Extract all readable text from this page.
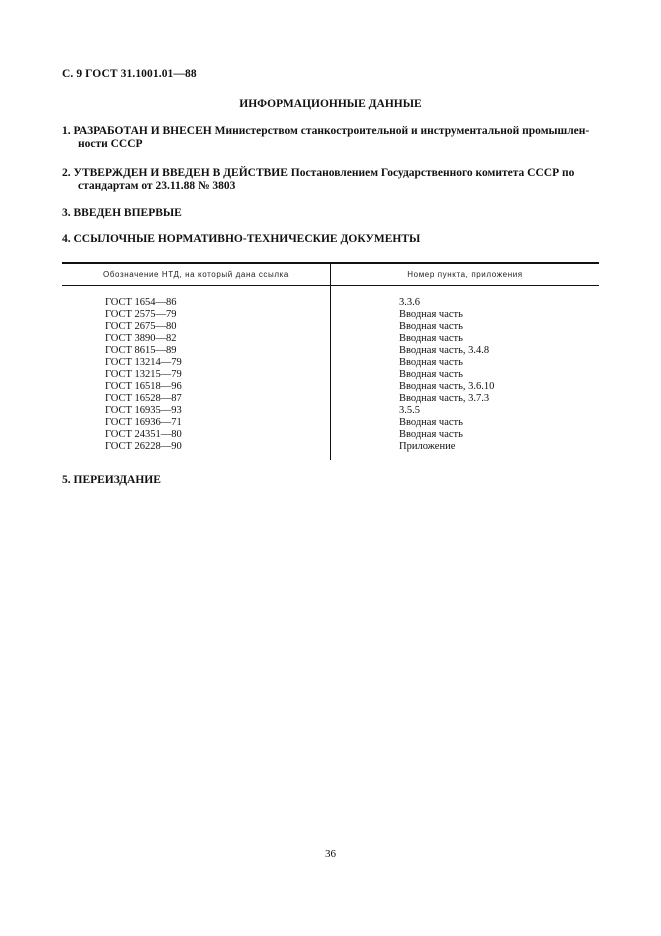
С. 9 ГОСТ 31.1001.01—88
ИНФОРМАЦИОННЫЕ ДАННЫЕ
1. РАЗРАБОТАН И ВНЕСЕН Министерством станкостроительной и инструментальной промышлен-ности СССР
2. УТВЕРЖДЕН И ВВЕДЕН В ДЕЙСТВИЕ Постановлением Государственного комитета СССР по стандартам от 23.11.88 № 3803
3. ВВЕДЕН ВПЕРВЫЕ
4. ССЫЛОЧНЫЕ НОРМАТИВНО-ТЕХНИЧЕСКИЕ ДОКУМЕНТЫ
Обозначение НТД, на который дана ссылка	Номер пункта, приложения
ГОСТ 1654—86	3.3.6
ГОСТ 2575—79	Вводная часть
ГОСТ 2675—80	Вводная часть
ГОСТ 3890—82	Вводная часть
ГОСТ 8615—89	Вводная часть, 3.4.8
ГОСТ 13214—79	Вводная часть
ГОСТ 13215—79	Вводная часть
ГОСТ 16518—96	Вводная часть, 3.6.10
ГОСТ 16528—87	Вводная часть, 3.7.3
ГОСТ 16935—93	3.5.5
ГОСТ 16936—71	Вводная часть
ГОСТ 24351—80	Вводная часть
ГОСТ 26228—90	Приложение
5. ПЕРЕИЗДАНИЕ
36
